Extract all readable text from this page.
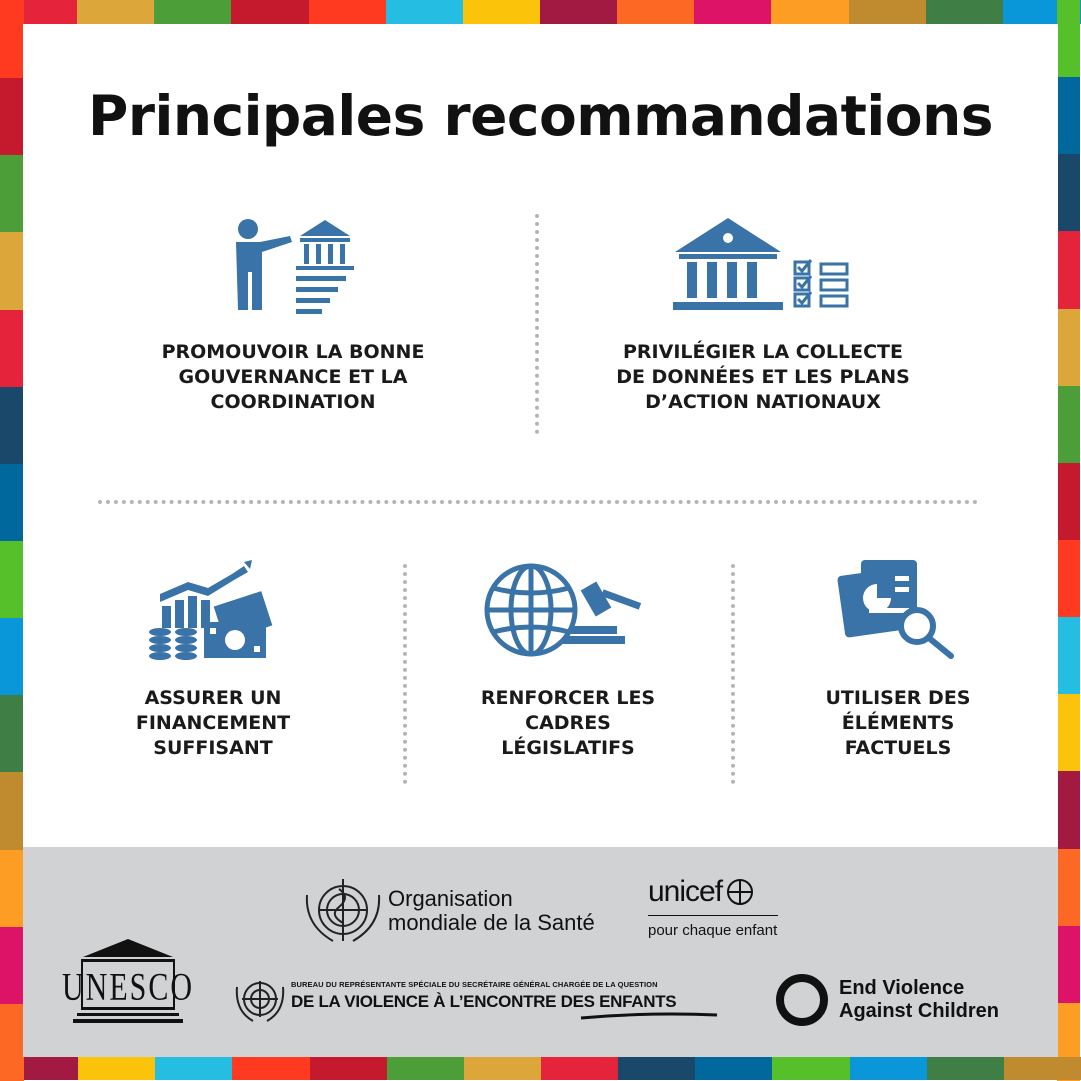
Principales recommandations
PROMOUVOIR LA BONNE GOUVERNANCE ET LA COORDINATION
PRIVILÉGIER LA COLLECTE DE DONNÉES ET LES PLANS D’ACTION NATIONAUX
ASSURER UN FINANCEMENT SUFFISANT
RENFORCER LES CADRES LÉGISLATIFS
UTILISER DES ÉLÉMENTS FACTUELS
Organisation
mondiale de la Santé
unicef
pour chaque enfant
UNESCO	BUREAU DU REPRÉSENTANTE SPÉCIALE DU SECRÉTAIRE GÉNÉRAL CHARGÉE DE LA QUESTION
DE LA VIOLENCE À L’ENCONTRE DES ENFANTS
End Violence
Against Children
